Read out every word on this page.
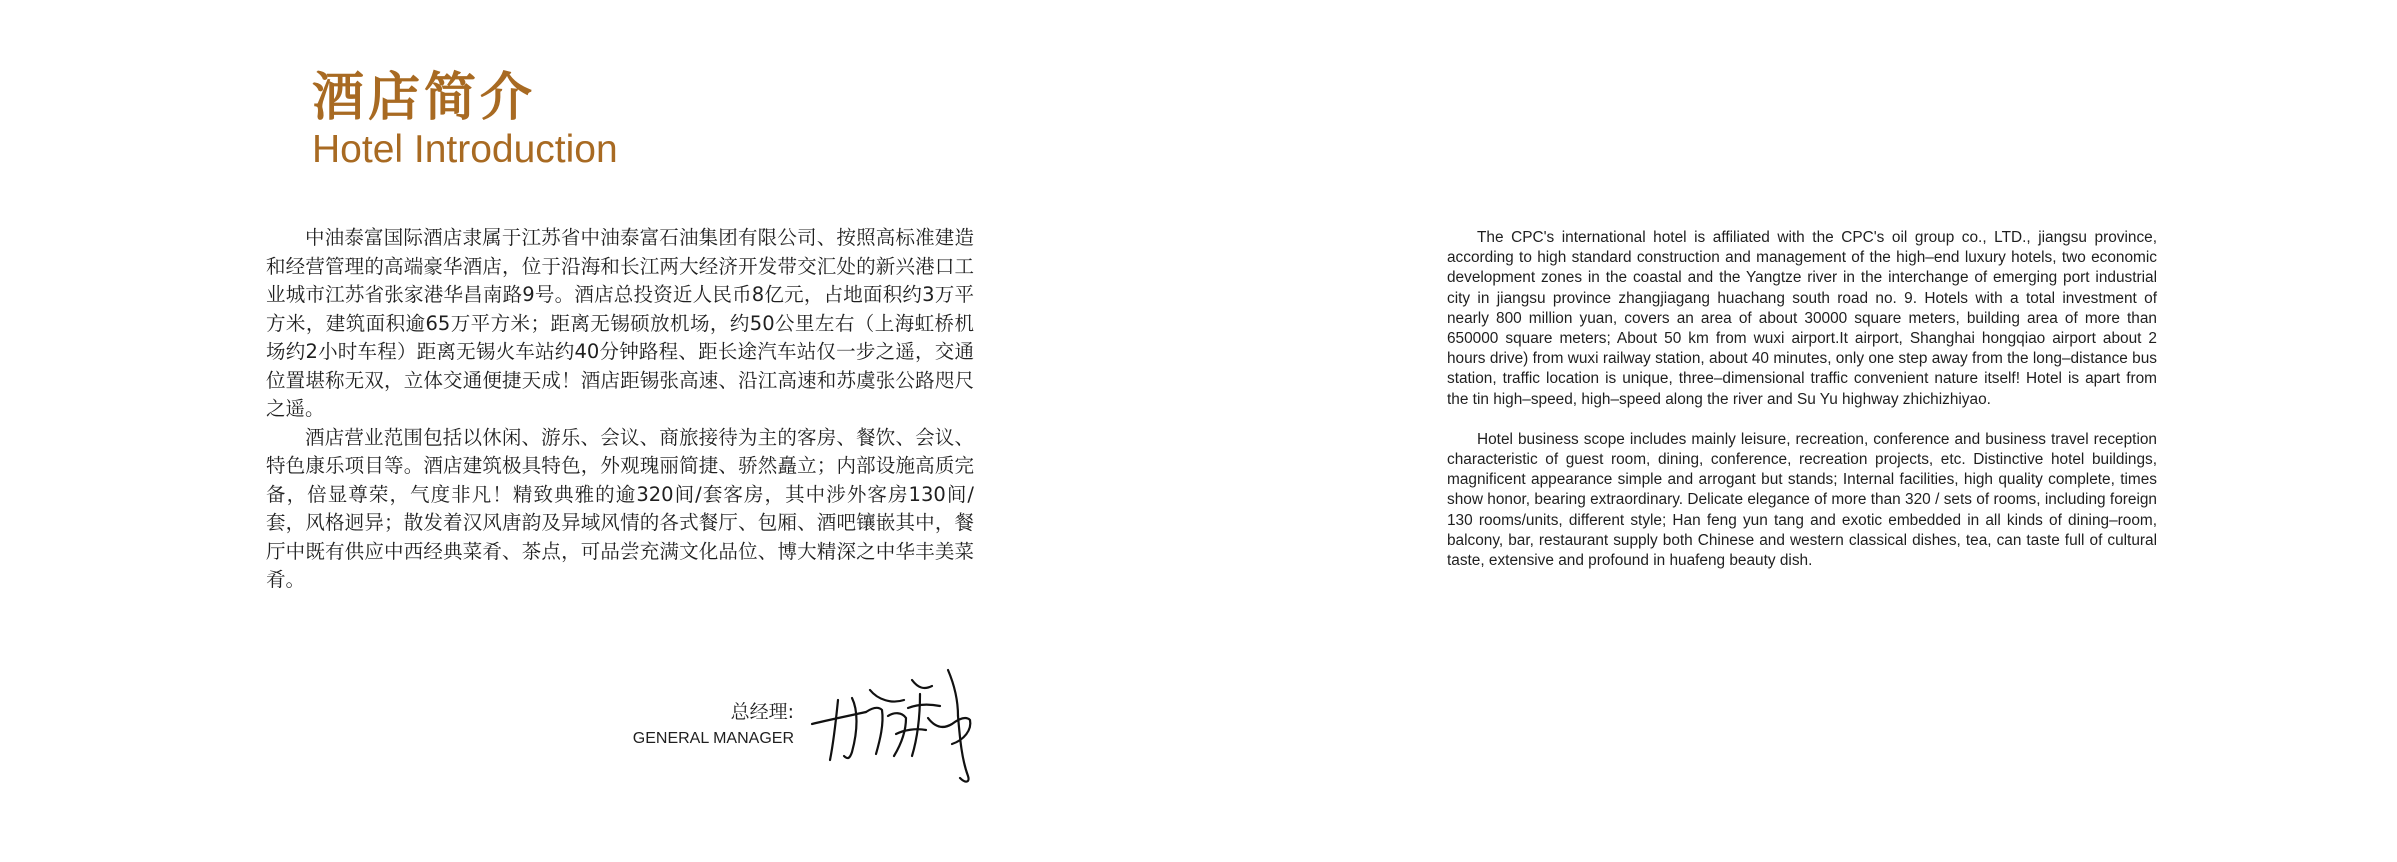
酒店简介
Hotel Introduction

中油泰富国际酒店隶属于江苏省中油泰富石油集团有限公司、按照高标准建造和经营管理的高端豪华酒店，位于沿海和长江两大经济开发带交汇处的新兴港口工业城市江苏省张家港华昌南路9号。酒店总投资近人民币8亿元，占地面积约3万平方米，建筑面积逾65万平方米；距离无锡硕放机场，约50公里左右（上海虹桥机场约2小时车程）距离无锡火车站约40分钟路程、距长途汽车站仅一步之遥，交通位置堪称无双，立体交通便捷天成！酒店距锡张高速、沿江高速和苏虞张公路咫尺之遥。

酒店营业范围包括以休闲、游乐、会议、商旅接待为主的客房、餐饮、会议、特色康乐项目等。酒店建筑极具特色，外观瑰丽简捷、骄然矗立；内部设施高质完备，倍显尊荣，气度非凡！精致典雅的逾320间/套客房，其中涉外客房130间/套，风格迥异；散发着汉风唐韵及异域风情的各式餐厅、包厢、酒吧镶嵌其中，餐厅中既有供应中西经典菜肴、茶点，可品尝充满文化品位、博大精深之中华丰美菜肴。

The CPC's international hotel is affiliated with the CPC's oil group co., LTD., jiangsu province, according to high standard construction and management of the high–end luxury hotels, two economic development zones in the coastal and the Yangtze river in the interchange of emerging port industrial city in jiangsu province zhangjiagang huachang south road no. 9. Hotels with a total investment of nearly 800 million yuan, covers an area of about 30000 square meters, building area of more than 650000 square meters; About 50 km from wuxi airport.It airport, Shanghai hongqiao airport about 2 hours drive) from wuxi railway station, about 40 minutes, only one step away from the long–distance bus station, traffic location is unique, three–dimensional traffic convenient nature itself! Hotel is apart from the tin high–speed, high–speed along the river and Su Yu highway zhichizhiyao.

Hotel business scope includes mainly leisure, recreation, conference and business travel reception characteristic of guest room, dining, conference, recreation projects, etc. Distinctive hotel buildings, magnificent appearance simple and arrogant but stands; Internal facilities, high quality complete, times show honor, bearing extraordinary. Delicate elegance of more than 320 / sets of rooms, including foreign 130 rooms/units, different style; Han feng yun tang and exotic embedded in all kinds of dining–room, balcony, bar, restaurant supply both Chinese and western classical dishes, tea, can taste full of cultural taste, extensive and profound in huafeng beauty dish.

总经理:
GENERAL MANAGER
